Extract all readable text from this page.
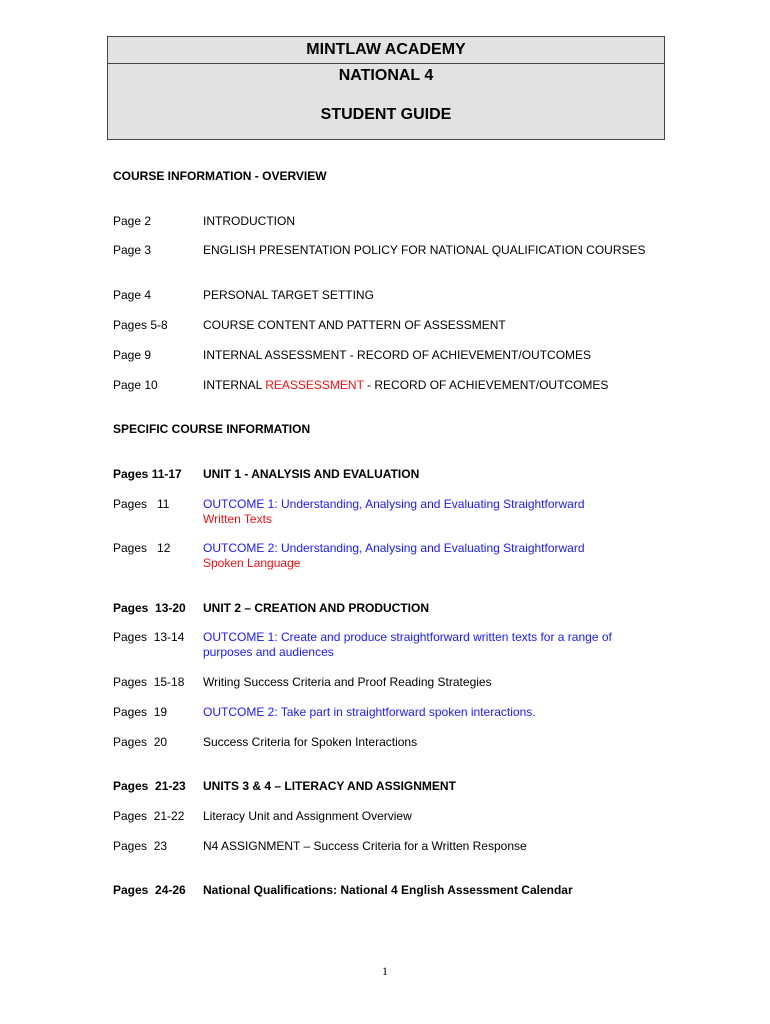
MINTLAW ACADEMY
NATIONAL 4
STUDENT GUIDE
COURSE INFORMATION - OVERVIEW
Page 2	INTRODUCTION
Page 3	ENGLISH PRESENTATION POLICY FOR NATIONAL QUALIFICATION COURSES
Page 4	PERSONAL TARGET SETTING
Pages 5-8	COURSE CONTENT AND PATTERN OF ASSESSMENT
Page 9	INTERNAL ASSESSMENT - RECORD OF ACHIEVEMENT/OUTCOMES
Page 10	INTERNAL REASSESSMENT - RECORD OF ACHIEVEMENT/OUTCOMES
SPECIFIC COURSE INFORMATION
Pages 11-17	UNIT 1 - ANALYSIS AND EVALUATION
Pages   11	OUTCOME 1: Understanding, Analysing and Evaluating Straightforward
Written Texts
Pages   12	OUTCOME 2: Understanding, Analysing and Evaluating Straightforward
Spoken Language
Pages  13-20	UNIT 2 – CREATION AND PRODUCTION
Pages  13-14	OUTCOME 1: Create and produce straightforward written texts for a range of purposes and audiences
Pages  15-18	Writing Success Criteria and Proof Reading Strategies
Pages  19	OUTCOME 2: Take part in straightforward spoken interactions.
Pages  20	Success Criteria for Spoken Interactions
Pages  21-23	UNITS 3 & 4 – LITERACY AND ASSIGNMENT
Pages  21-22	Literacy Unit and Assignment Overview
Pages  23	N4 ASSIGNMENT – Success Criteria for a Written Response
Pages  24-26	National Qualifications: National 4 English Assessment Calendar
1
